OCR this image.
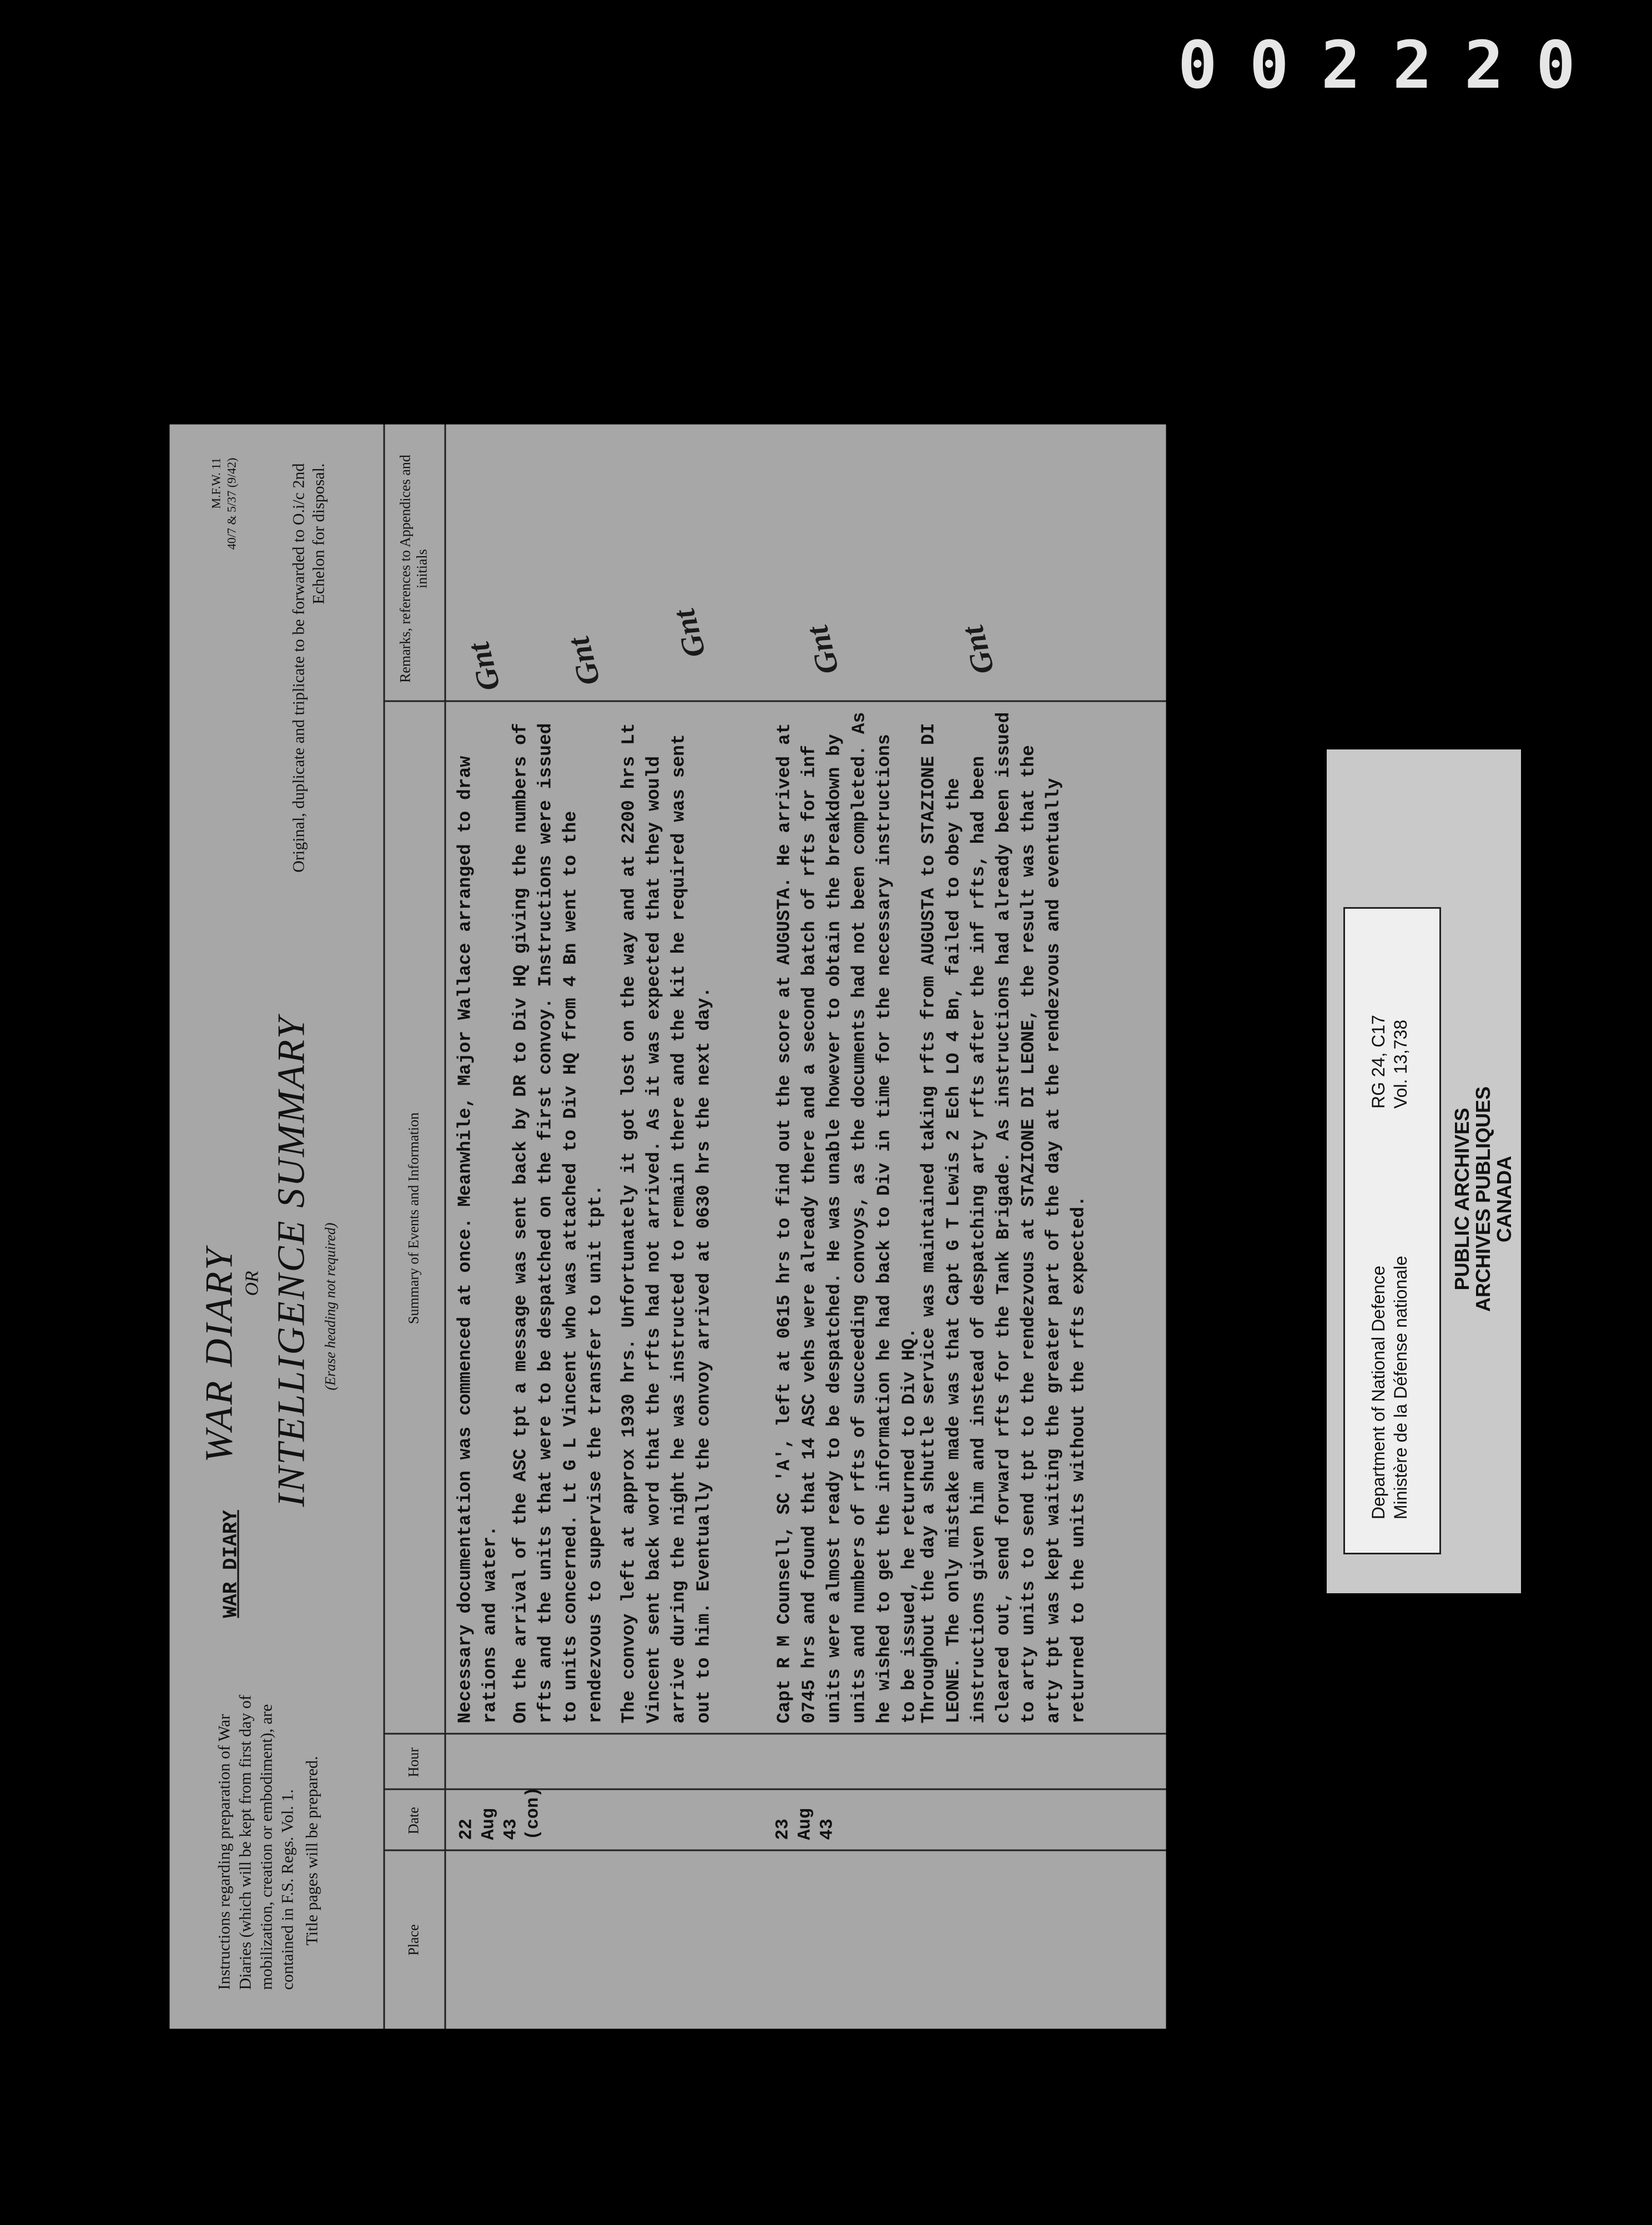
002220
Instructions regarding preparation of War Diaries (which will be kept from first day of mobilization, creation or embodiment), are contained in F.S. Regs. Vol. 1. Title pages will be prepared.
WAR DIARY
M.F.W. 11
40/7 & 5/37 (9/42)
WAR DIARY OR INTELLIGENCE SUMMARY (Erase heading not required)
Original, duplicate and triplicate to be forwarded to O.i/c 2nd Echelon for disposal.
Place
Date
Hour
Summary of Events and Information
Remarks, references to Appendices and initials
22
Aug
43
(con)
Necessary documentation was commenced at once. Meanwhile, Major Wallace arranged to draw rations and water. On the arrival of the ASC tpt a message was sent back by DR to Div HQ giving the numbers of rfts and the units that were to be despatched on the first convoy. Instructions were issued to units concerned. Lt G L Vincent who was attached to Div HQ from 4 Bn went to the rendezvous to supervise the transfer to unit tpt. The convoy left at approx 1930 hrs. Unfortunately it got lost on the way and at 2200 hrs Lt Vincent sent back word that the rfts had not arrived. As it was expected that they would arrive during the night he was instructed to remain there and the kit he required was sent out to him. Eventually the convoy arrived at 0630 hrs the next day.
23
Aug
43
Capt R M Counsell, SC 'A', left at 0615 hrs to find out the score at AUGUSTA. He arrived at 0745 hrs and found that 14 ASC vehs were already there and a second batch of rfts for inf units were almost ready to be despatched. He was unable however to obtain the breakdown by units and numbers of rfts of succeeding convoys, as the documents had not been completed. As he wished to get the information he had back to Div in time for the necessary instructions to be issued, he returned to Div HQ.
Throughout the day a shuttle service was maintained taking rfts from AUGUSTA to STAZIONE DI LEONE. The only mistake made was that Capt G T Lewis 2 Ech LO 4 Bn, failed to obey the instructions given him and instead of despatching arty rfts after the inf rfts, had been cleared out, send forward rfts for the Tank Brigade. As instructions had already been issued to arty units to send tpt to the rendezvous at STAZIONE DI LEONE, the result was that the arty tpt was kept waiting the greater part of the day at the rendezvous and eventually returned to the units without the rfts expected.
Gnt Gnt Gnt	Gnt	Gnt
Department of National Defence Ministère de la Défense nationale
RG 24, C17 Vol. 13,738
PUBLIC ARCHIVES
ARCHIVES PUBLIQUES
CANADA
